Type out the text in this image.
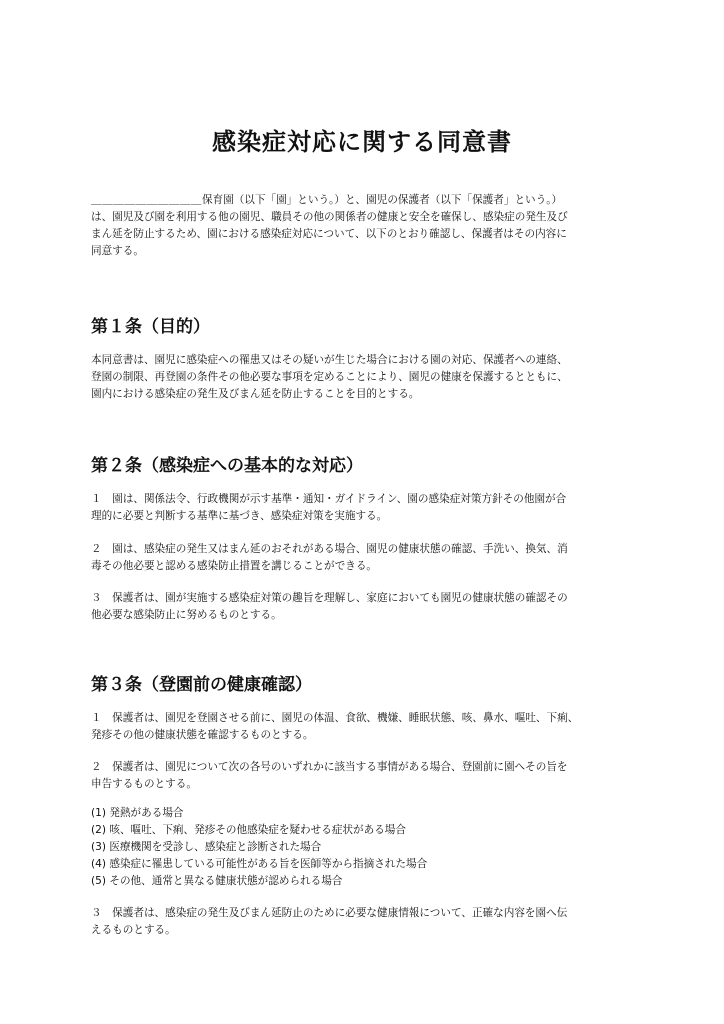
感染症対応に関する同意書

＿＿＿＿＿＿＿＿＿＿保育園（以下「園」という。）と、園児の保護者（以下「保護者」という。）
は、園児及び園を利用する他の園児、職員その他の関係者の健康と安全を確保し、感染症の発生及び
まん延を防止するため、園における感染症対応について、以下のとおり確認し、保護者はその内容に
同意する。

第１条（目的）

本同意書は、園児に感染症への罹患又はその疑いが生じた場合における園の対応、保護者への連絡、
登園の制限、再登園の条件その他必要な事項を定めることにより、園児の健康を保護するとともに、
園内における感染症の発生及びまん延を防止することを目的とする。

第２条（感染症への基本的な対応）

１　園は、関係法令、行政機関が示す基準・通知・ガイドライン、園の感染症対策方針その他園が合
理的に必要と判断する基準に基づき、感染症対策を実施する。

２　園は、感染症の発生又はまん延のおそれがある場合、園児の健康状態の確認、手洗い、換気、消
毒その他必要と認める感染防止措置を講じることができる。

３　保護者は、園が実施する感染症対策の趣旨を理解し、家庭においても園児の健康状態の確認その
他必要な感染防止に努めるものとする。

第３条（登園前の健康確認）

１　保護者は、園児を登園させる前に、園児の体温、食欲、機嫌、睡眠状態、咳、鼻水、嘔吐、下痢、
発疹その他の健康状態を確認するものとする。

２　保護者は、園児について次の各号のいずれかに該当する事情がある場合、登園前に園へその旨を
申告するものとする。

(1) 発熱がある場合
(2) 咳、嘔吐、下痢、発疹その他感染症を疑わせる症状がある場合
(3) 医療機関を受診し、感染症と診断された場合
(4) 感染症に罹患している可能性がある旨を医師等から指摘された場合
(5) その他、通常と異なる健康状態が認められる場合

３　保護者は、感染症の発生及びまん延防止のために必要な健康情報について、正確な内容を園へ伝
えるものとする。
